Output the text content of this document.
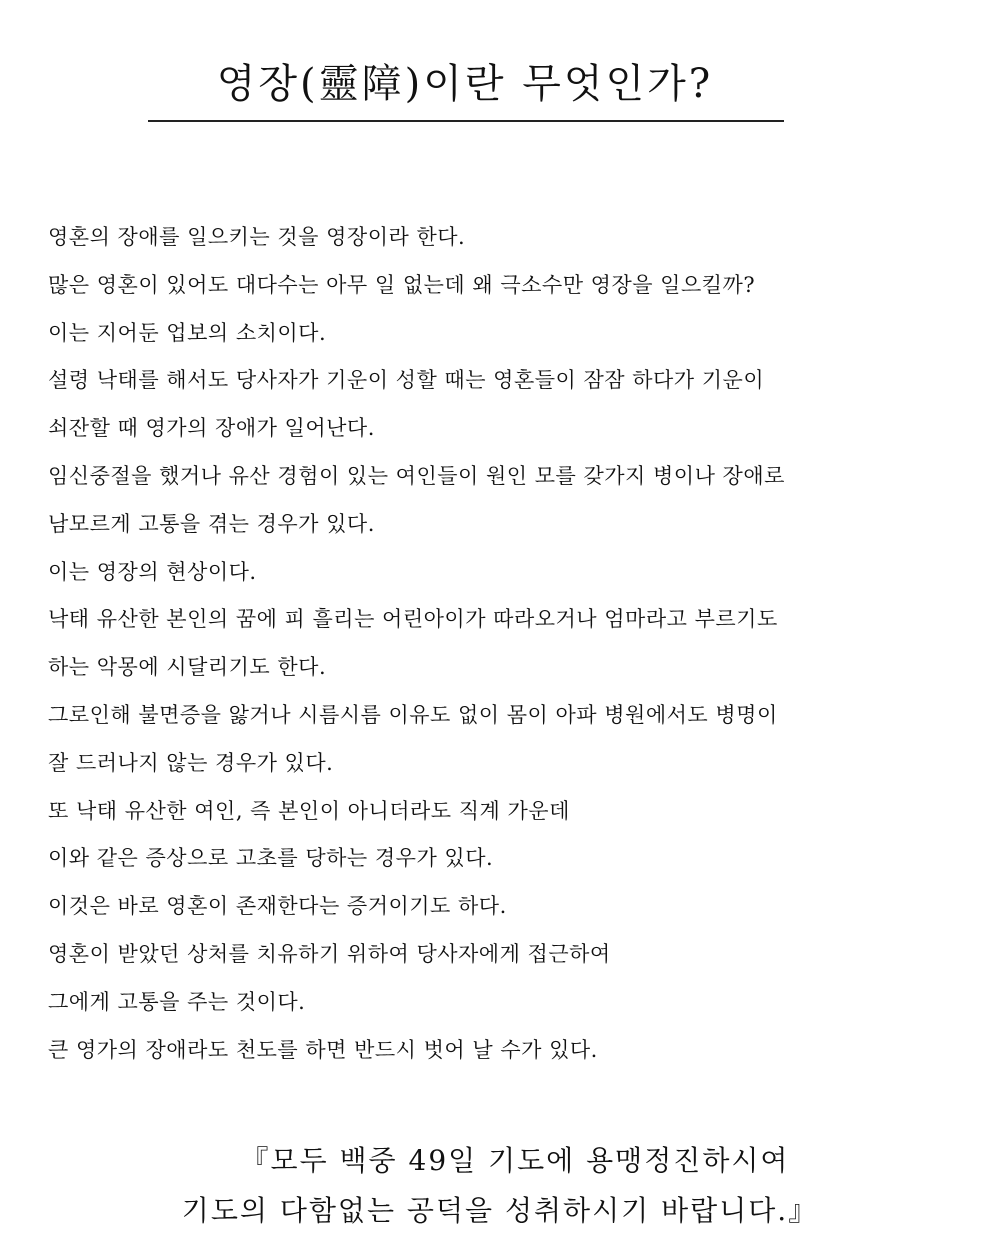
영장(靈障)이란 무엇인가?
영혼의 장애를 일으키는 것을 영장이라 한다.
많은 영혼이 있어도 대다수는 아무 일 없는데 왜 극소수만 영장을 일으킬까?
이는 지어둔 업보의 소치이다.
설령 낙태를 해서도 당사자가 기운이 성할 때는 영혼들이 잠잠 하다가 기운이
쇠잔할 때 영가의 장애가 일어난다.
임신중절을 했거나 유산 경험이 있는 여인들이 원인 모를 갖가지 병이나 장애로
남모르게 고통을 겪는 경우가 있다.
이는 영장의 현상이다.
낙태 유산한 본인의 꿈에 피 흘리는 어린아이가 따라오거나 엄마라고 부르기도
하는 악몽에 시달리기도 한다.
그로인해 불면증을 앓거나 시름시름 이유도 없이 몸이 아파 병원에서도 병명이
잘 드러나지 않는 경우가 있다.
또 낙태 유산한 여인, 즉 본인이 아니더라도 직계 가운데
이와 같은 증상으로 고초를 당하는 경우가 있다.
이것은 바로 영혼이 존재한다는 증거이기도 하다.
영혼이 받았던 상처를 치유하기 위하여 당사자에게 접근하여
그에게 고통을 주는 것이다.
큰 영가의 장애라도 천도를 하면 반드시 벗어 날 수가 있다.
『모두 백중 49일 기도에 용맹정진하시여
기도의 다함없는 공덕을 성취하시기 바랍니다.』
